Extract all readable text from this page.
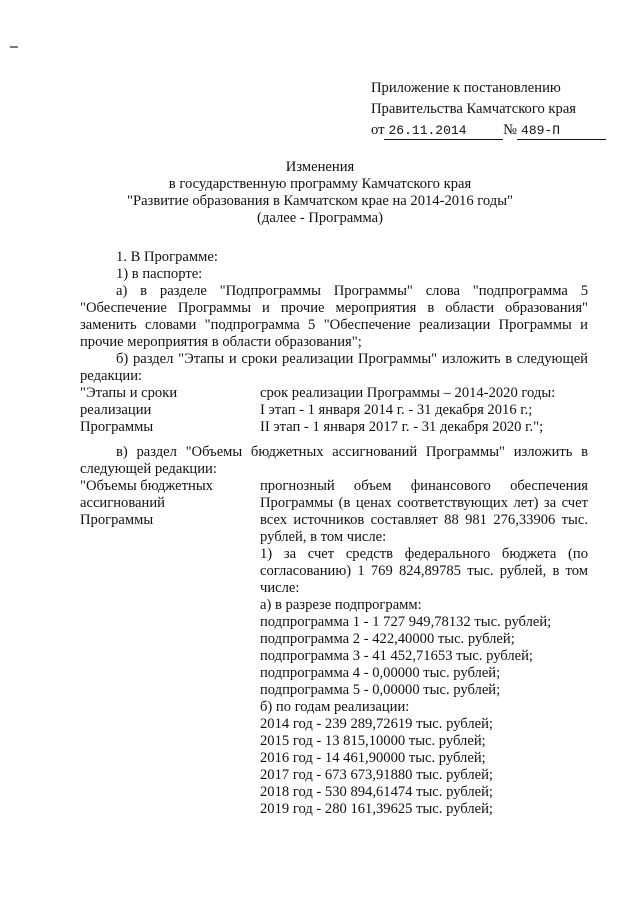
Приложение к постановлению
Правительства Камчатского края
от 26.11.2014	№ 489-П
Изменения
в государственную программу Камчатского края
"Развитие образования в Камчатском крае на 2014-2016 годы"
(далее - Программа)
1. В Программе:
1) в паспорте:
а) в разделе "Подпрограммы Программы" слова "подпрограмма 5 "Обеспечение Программы и прочие мероприятия в области образования" заменить словами "подпрограмма 5 "Обеспечение реализации Программы и прочие мероприятия в области образования";
б) раздел "Этапы и сроки реализации Программы" изложить в следующей редакции:
"Этапы и сроки реализации Программы
срок реализации Программы – 2014-2020 годы:
I этап - 1 января 2014 г. - 31 декабря 2016 г.;
II этап - 1 января 2017 г. - 31 декабря 2020 г.";
в) раздел "Объемы бюджетных ассигнований Программы" изложить в следующей редакции:
"Объемы бюджетных ассигнований Программы
прогнозный объем финансового обеспечения Программы (в ценах соответствующих лет) за счет всех источников составляет 88 981 276,33906 тыс. рублей, в том числе:
1) за счет средств федерального бюджета (по согласованию) 1 769 824,89785 тыс. рублей, в том числе:
а) в разрезе подпрограмм:
подпрограмма 1 - 1 727 949,78132 тыс. рублей;
подпрограмма 2 - 422,40000 тыс. рублей;
подпрограмма 3 - 41 452,71653 тыс. рублей;
подпрограмма 4 - 0,00000 тыс. рублей;
подпрограмма 5 - 0,00000 тыс. рублей;
б) по годам реализации:
2014 год - 239 289,72619 тыс. рублей;
2015 год - 13 815,10000 тыс. рублей;
2016 год - 14 461,90000 тыс. рублей;
2017 год - 673 673,91880 тыс. рублей;
2018 год - 530 894,61474 тыс. рублей;
2019 год - 280 161,39625 тыс. рублей;
